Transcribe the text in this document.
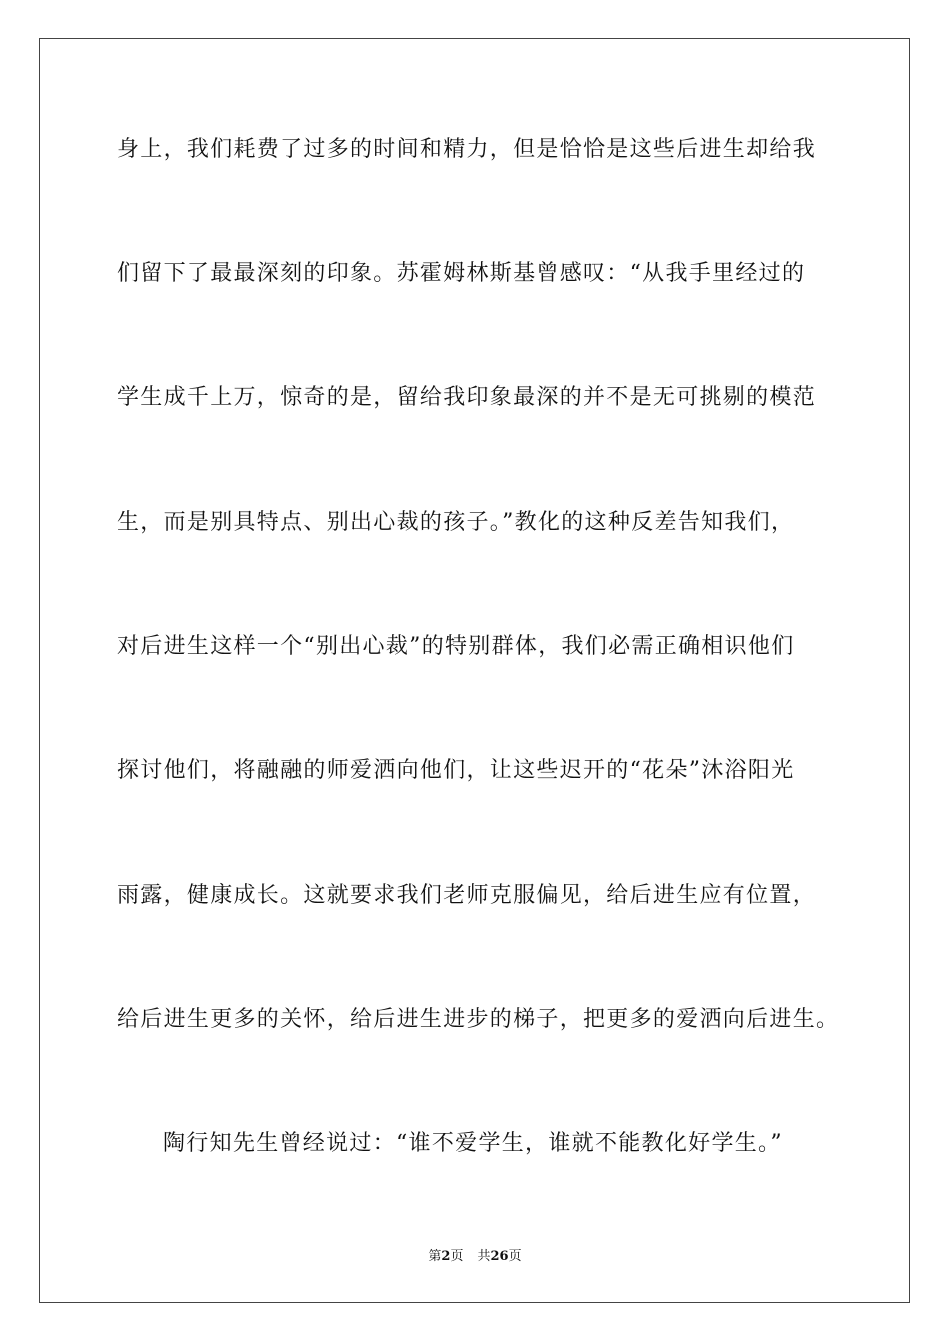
身上，我们耗费了过多的时间和精力，但是恰恰是这些后进生却给我
们留下了最最深刻的印象。苏霍姆林斯基曾感叹：“从我手里经过的
学生成千上万，惊奇的是，留给我印象最深的并不是无可挑剔的模范
生，而是别具特点、别出心裁的孩子。”教化的这种反差告知我们，
对后进生这样一个“别出心裁”的特别群体，我们必需正确相识他们
探讨他们，将融融的师爱洒向他们，让这些迟开的“花朵”沐浴阳光
雨露，健康成长。这就要求我们老师克服偏见，给后进生应有位置，
给后进生更多的关怀，给后进生进步的梯子，把更多的爱洒向后进生。
陶行知先生曾经说过：“谁不爱学生，谁就不能教化好学生。”
第2页 共26页
